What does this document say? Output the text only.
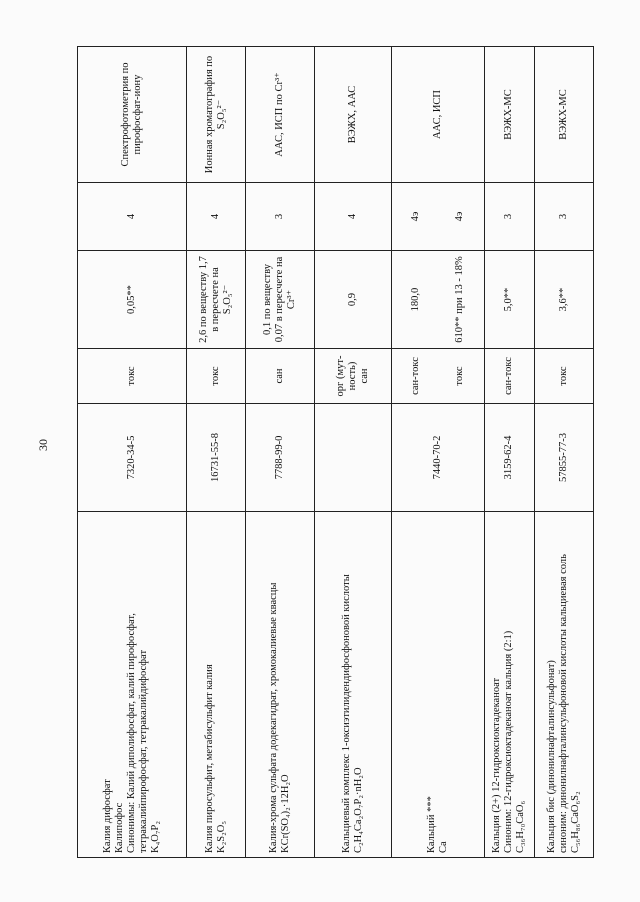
30
Калия дифосфат Калипофос Синонимы: Калий диполифосфат, калий пирофосфат, тетракалийпирофосфат, тетракалийдифосфат K₄O₇P₂	7320-34-5	токс	0,05**	4	Спектрофотометрия по пирофосфат-иону

Калия пиросульфит, метабисульфит калия K₂S₂O₅	16731-55-8	токс	2,6 по веществу 1,7 в пересчете на S₂O₅²⁻	4	Ионная хроматография по S₂O₅²⁻

Калия-хрома сульфата додекагидрат, хромокалиевые квасцы KCr(SO₄)₂·12H₂O	7788-99-0	сан	0,1 по веществу 0,07 в пересчете на Cr³⁺	3	ААС, ИСП по Cr³⁺

Кальциевый комплекс 1-оксиэтилидендифосфоновой кислоты C₂H₄Ca₂O₇P₂·nH₂O		орг (мут-ность) сан	0,9	4	ВЭЖХ, ААС

Кальций *** Ca	7440-70-2	сан-токс токс	180,0 610** при 13 - 18%	4э 4э	ААС, ИСП

Кальция (2+) 12-гидроксиоктадеканоат Синоним: 12-гидроксиоктадеканоат кальция (2:1) C₃₆H₇₀CaO₆	3159-62-4	сан-токс	5,0**	3	ВЭЖХ-МС

Кальция бис (динонилнафталинсульфонат) синоним: динонилнафталинсульфоновой кислоты кальциевая соль C₅₆H₈₆CaO₆S₂	57855-77-3	токс	3,6**	3	ВЭЖХ-МС
